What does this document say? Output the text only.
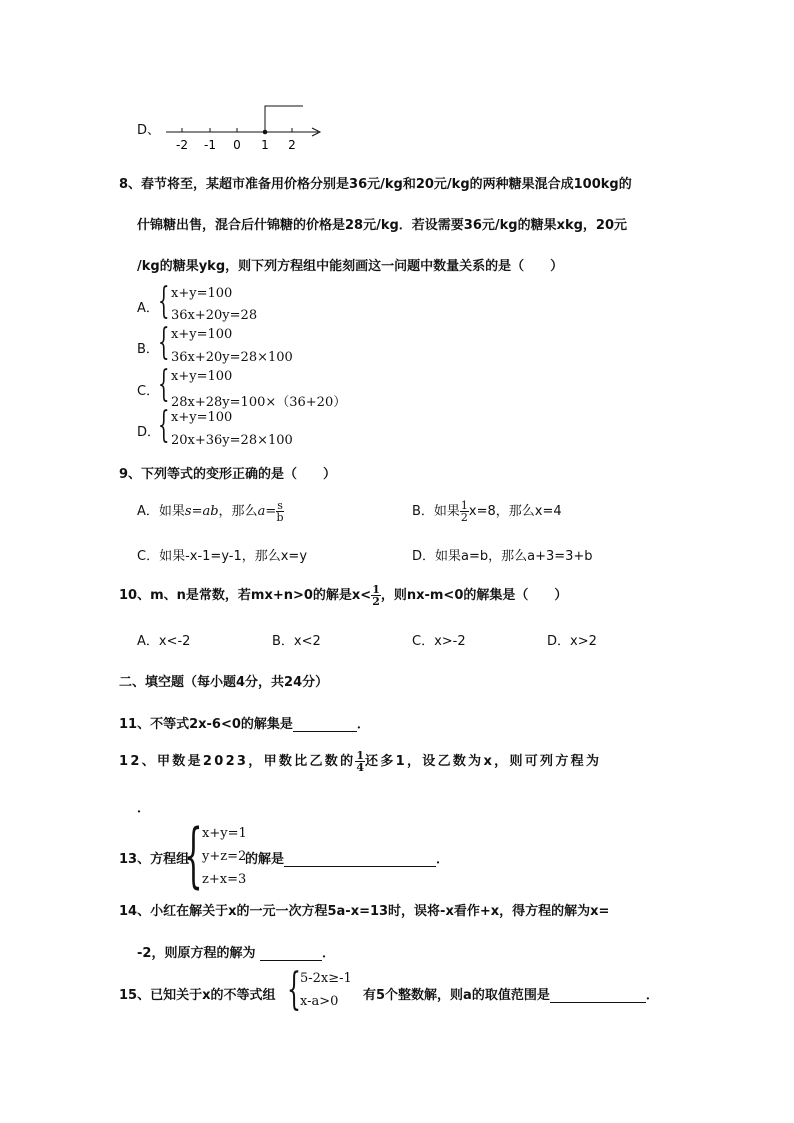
D、
-2 -1 0 1 2
8、春节将至，某超市准备用价格分别是36元/kg和20元/kg的两种糖果混合成100kg的
什锦糖出售，混合后什锦糖的价格是28元/kg．若设需要36元/kg的糖果xkg，20元
/kg的糖果ykg，则下列方程组中能刻画这一问题中数量关系的是（　　）
A． { x+y=100
36x+20y=28
B． { x+y=100
36x+20y=28×100
C．
{ x+y=100
28x+28y=100×（36+20）
D．
{ x+y=100
20x+36y=28×100
9、下列等式的变形正确的是（　　）
A．如果s=ab，那么$a= \frac{s}{b}$	B．如果 $\frac{1}{2} x=8$，那么x=4
C．如果-x-1=y-1，那么x=y	D．如果a=b，那么a+3=3+b
10、m、n是常数，若mx+n>0的解是$x< \frac{1}{2}$ ，则nx-m<0的解集是（　　）
A．x<-2	B．x<2	C．x>-2	D．x>2
二、填空题（每小题4分，共24分）
11、不等式2x-6<0的解集是	．
12、甲数是2023，甲数比乙数的 $\frac{1}{4}$ 还多1，设乙数为x，则可列方程为
．
13、方程组
{ x+y=1
y+z=2
z+x=3
的解是	．
14、小红在解关于x的一元一次方程5a-x=13时，误将-x看作+x，得方程的解为x=
-2，则原方程的解为	．
15、已知关于x的不等式组 { 5-2x≥-1
x-a>0 有5个整数解，则a的取值范围是	．
